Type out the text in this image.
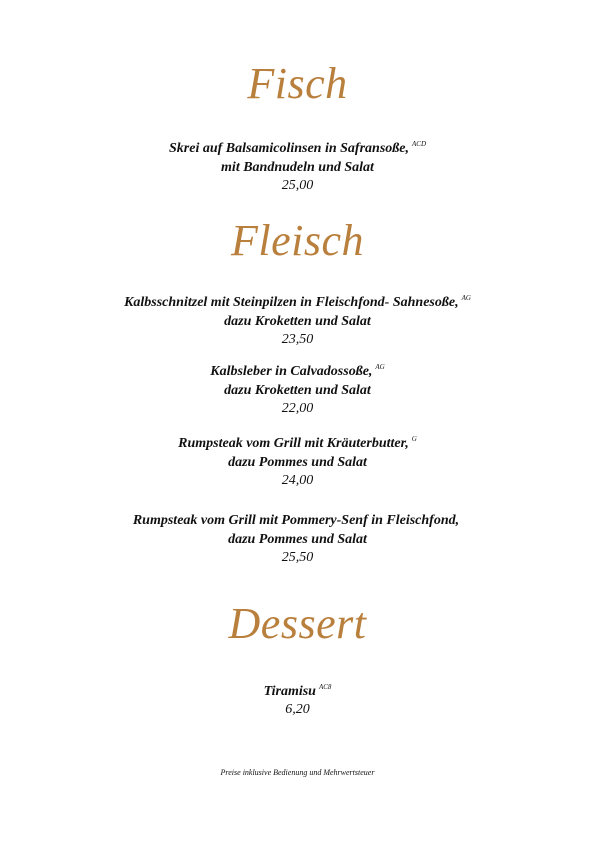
Fisch
Skrei auf Balsamicolinsen in Safransoße, $^{ACD}$
mit Bandnudeln und Salat
25,00
Fleisch
Kalbsschnitzel mit Steinpilzen in Fleischfond- Sahnesoße, $^{AG}$
dazu Kroketten und Salat
23,50
Kalbsleber in Calvadossoße, $^{AG}$
dazu Kroketten und Salat
22,00
Rumpsteak vom Grill mit Kräuterbutter, $^G$
dazu Pommes und Salat
24,00
Rumpsteak vom Grill mit Pommery-Senf in Fleischfond,
dazu Pommes und Salat
25,50
Dessert
Tiramisu $^{AC8}$
6,20
Preise inklusive Bedienung und Mehrwertsteuer
